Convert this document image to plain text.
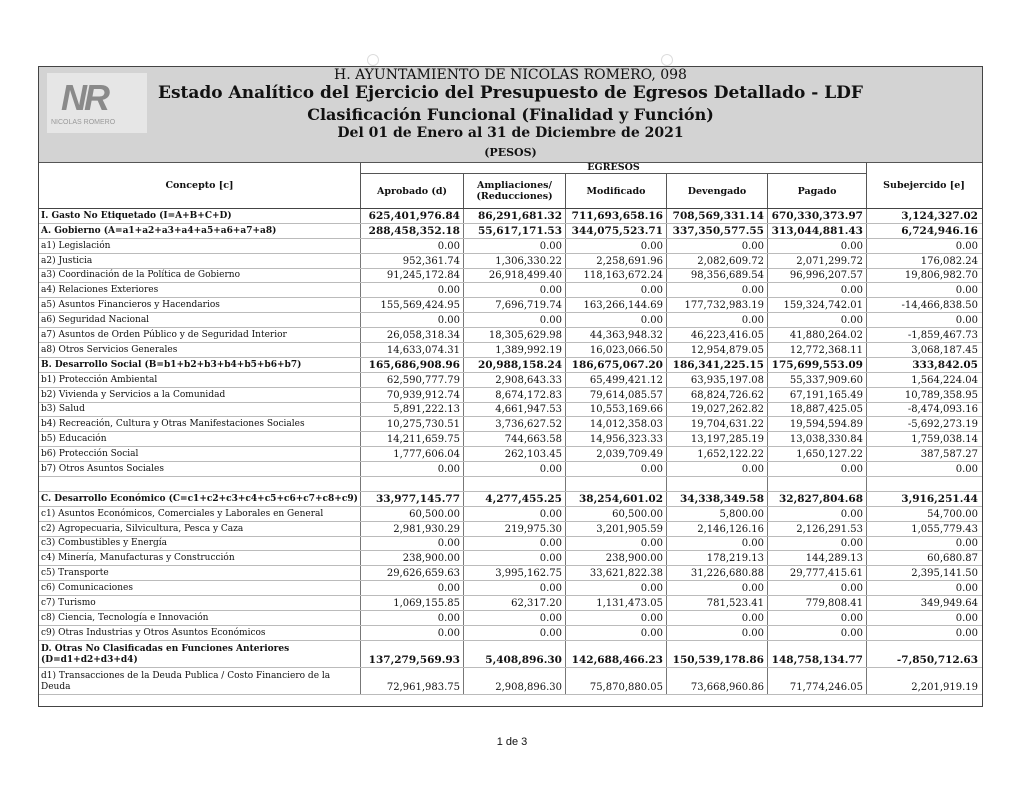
NR
NICOLAS ROMERO
H. AYUNTAMIENTO DE NICOLAS ROMERO, 098
Estado Analítico del Ejercicio del Presupuesto de Egresos Detallado - LDF
Clasificación Funcional (Finalidad y Función)
Del 01 de Enero al 31 de Diciembre de 2021
(PESOS)
Concepto [c]
EGRESOS
Aprobado (d)	Ampliaciones/ (Reducciones)	Modificado	Devengado	Pagado
Subejercido [e]
I. Gasto No Etiquetado (I=A+B+C+D)	625,401,976.84	86,291,681.32 711,693,658.16 708,569,331.14 670,330,373.97	3,124,327.02
A. Gobierno (A=a1+a2+a3+a4+a5+a6+a7+a8)	288,458,352.18	55,617,171.53 344,075,523.71 337,350,577.55 313,044,881.43	6,724,946.16
a1) Legislación	0.00	0.00	0.00	0.00	0.00	0.00
a2) Justicia	952,361.74	1,306,330.22	2,258,691.96	2,082,609.72	2,071,299.72	176,082.24
a3) Coordinación de la Política de Gobierno	91,245,172.84	26,918,499.40	118,163,672.24	98,356,689.54	96,996,207.57	19,806,982.70
a4) Relaciones Exteriores	0.00	0.00	0.00	0.00	0.00	0.00
a5) Asuntos Financieros y Hacendarios	155,569,424.95	7,696,719.74	163,266,144.69	177,732,983.19	159,324,742.01	-14,466,838.50
a6) Seguridad Nacional	0.00	0.00	0.00	0.00	0.00	0.00
a7) Asuntos de Orden Público y de Seguridad Interior	26,058,318.34	18,305,629.98	44,363,948.32	46,223,416.05	41,880,264.02	-1,859,467.73
a8) Otros Servicios Generales	14,633,074.31	1,389,992.19	16,023,066.50	12,954,879.05	12,772,368.11	3,068,187.45
B. Desarrollo Social (B=b1+b2+b3+b4+b5+b6+b7)	165,686,908.96	20,988,158.24 186,675,067.20 186,341,225.15 175,699,553.09	333,842.05
b1) Protección Ambiental	62,590,777.79	2,908,643.33	65,499,421.12	63,935,197.08	55,337,909.60	1,564,224.04
b2) Vivienda y Servicios a la Comunidad	70,939,912.74	8,674,172.83	79,614,085.57	68,824,726.62	67,191,165.49	10,789,358.95
b3) Salud	5,891,222.13	4,661,947.53	10,553,169.66	19,027,262.82	18,887,425.05	-8,474,093.16
b4) Recreación, Cultura y Otras Manifestaciones Sociales	10,275,730.51	3,736,627.52	14,012,358.03	19,704,631.22	19,594,594.89	-5,692,273.19
b5) Educación	14,211,659.75	744,663.58	14,956,323.33	13,197,285.19	13,038,330.84	1,759,038.14
b6) Protección Social	1,777,606.04	262,103.45	2,039,709.49	1,652,122.22	1,650,127.22	387,587.27
b7) Otros Asuntos Sociales	0.00	0.00	0.00	0.00	0.00	0.00
C. Desarrollo Económico (C=c1+c2+c3+c4+c5+c6+c7+c8+c9)	33,977,145.77	4,277,455.25	38,254,601.02	34,338,349.58	32,827,804.68	3,916,251.44
c1) Asuntos Económicos, Comerciales y Laborales en General	60,500.00	0.00	60,500.00	5,800.00	0.00	54,700.00
c2) Agropecuaria, Silvicultura, Pesca y Caza	2,981,930.29	219,975.30	3,201,905.59	2,146,126.16	2,126,291.53	1,055,779.43
c3) Combustibles y Energía	0.00	0.00	0.00	0.00	0.00	0.00
c4) Minería, Manufacturas y Construcción	238,900.00	0.00	238,900.00	178,219.13	144,289.13	60,680.87
c5) Transporte	29,626,659.63	3,995,162.75	33,621,822.38	31,226,680.88	29,777,415.61	2,395,141.50
c6) Comunicaciones	0.00	0.00	0.00	0.00	0.00	0.00
c7) Turismo	1,069,155.85	62,317.20	1,131,473.05	781,523.41	779,808.41	349,949.64
c8) Ciencia, Tecnología e Innovación	0.00	0.00	0.00	0.00	0.00	0.00
c9) Otras Industrias y Otros Asuntos Económicos	0.00	0.00	0.00	0.00	0.00	0.00
D. Otras No Clasificadas en Funciones Anteriores (D=d1+d2+d3+d4)	137,279,569.93	5,408,896.30 142,688,466.23 150,539,178.86 148,758,134.77	-7,850,712.63
d1) Transacciones de la Deuda Publica / Costo Financiero de la Deuda	72,961,983.75	2,908,896.30	75,870,880.05	73,668,960.86	71,774,246.05	2,201,919.19
1 de 3
